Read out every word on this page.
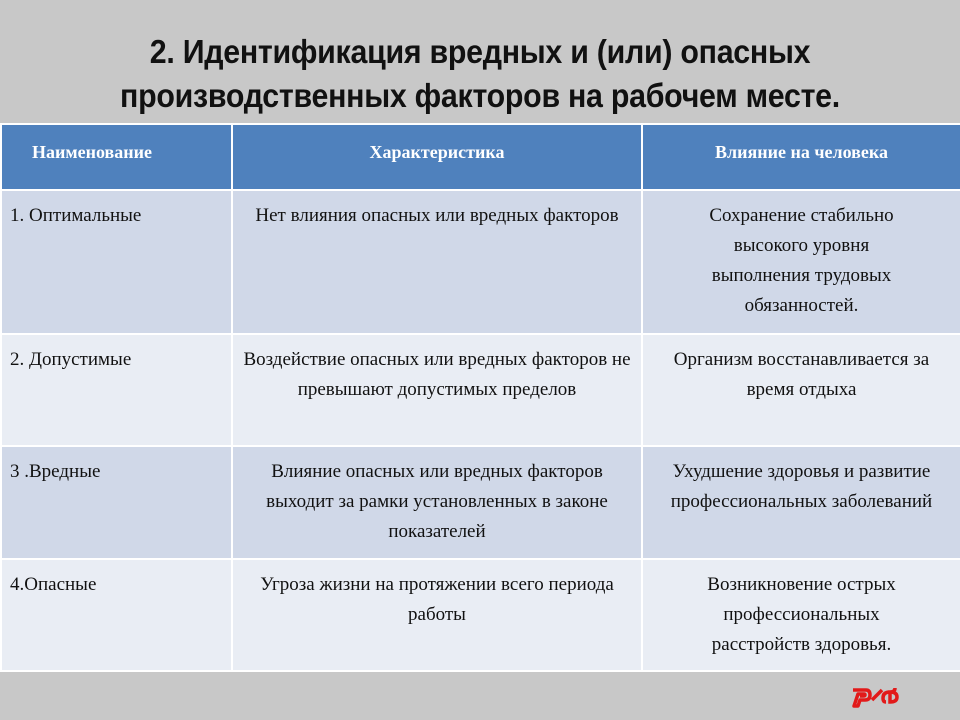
2. Идентификация вредных и (или) опасных
производственных факторов на рабочем месте.
Наименование	Характеристика	Влияние на человека
1. Оптимальные	Нет влияния опасных или вредных факторов	Сохранение стабильно высокого уровня выполнения трудовых обязанностей.
2. Допустимые	Воздействие опасных или вредных факторов не превышают допустимых пределов	Организм восстанавливается за время отдыха
3 .Вредные	Влияние опасных или вредных факторов выходит за рамки установленных в законе показателей	Ухудшение здоровья и развитие профессиональных заболеваний
4.Опасные	Угроза жизни на протяжении всего периода работы	Возникновение острых профессиональных расстройств здоровья.
